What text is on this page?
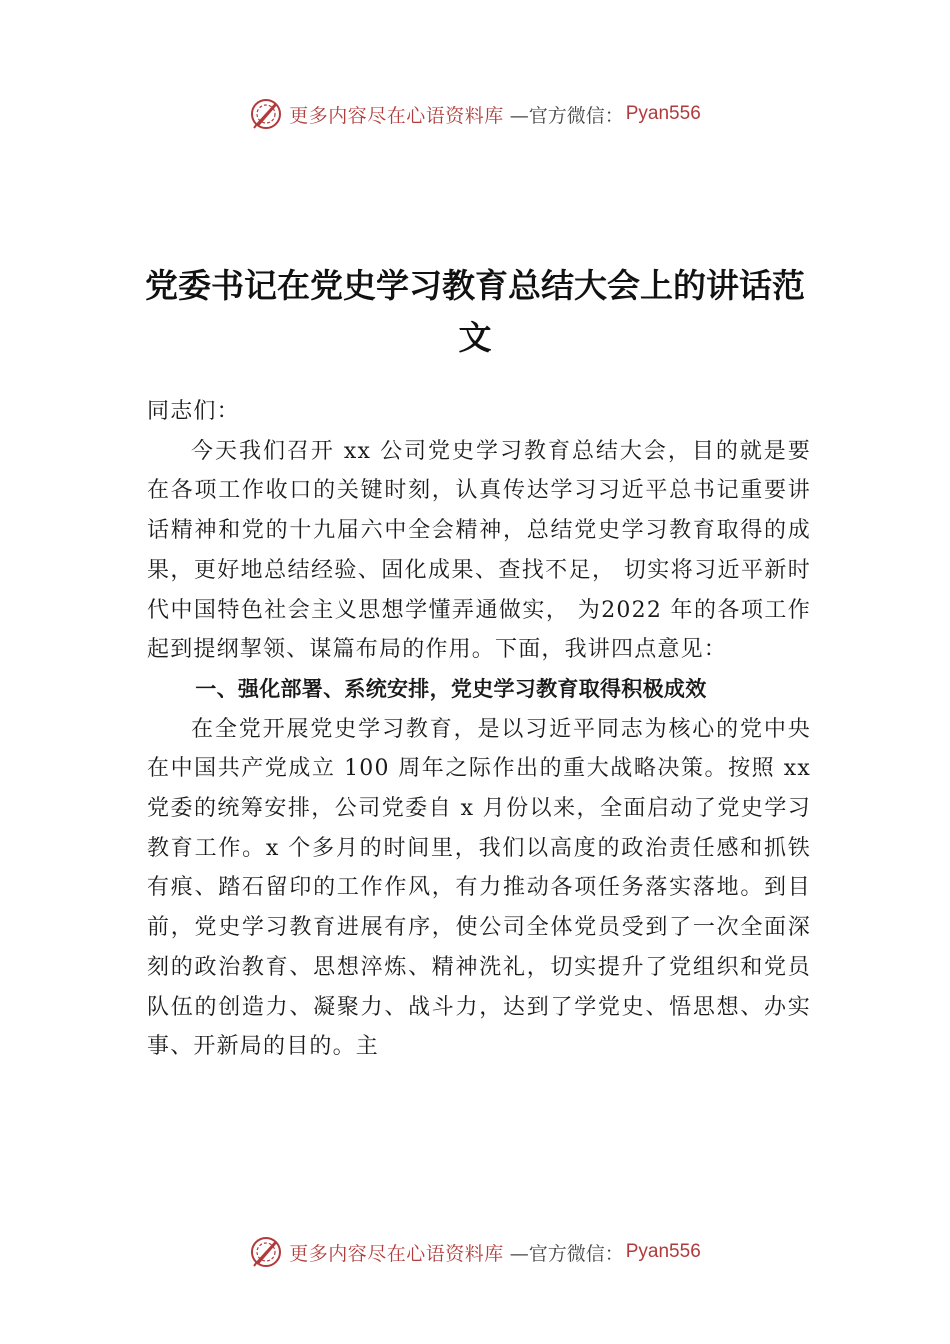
更多内容尽在心语资料库 —官方微信： Pyan556
党委书记在党史学习教育总结大会上的讲话范文

同志们：

今天我们召开 xx 公司党史学习教育总结大会，目的就是要在各项工作收口的关键时刻，认真传达学习习近平总书记重要讲话精神和党的十九届六中全会精神，总结党史学习教育取得的成果，更好地总结经验、固化成果、查找不足， 切实将习近平新时代中国特色社会主义思想学懂弄通做实， 为2022 年的各项工作起到提纲挈领、谋篇布局的作用。下面，我讲四点意见：

一、强化部署、系统安排，党史学习教育取得积极成效

在全党开展党史学习教育，是以习近平同志为核心的党中央在中国共产党成立 100 周年之际作出的重大战略决策。按照 xx 党委的统筹安排，公司党委自 x 月份以来，全面启动了党史学习教育工作。x 个多月的时间里，我们以高度的政治责任感和抓铁有痕、踏石留印的工作作风，有力推动各项任务落实落地。到目前，党史学习教育进展有序，使公司全体党员受到了一次全面深刻的政治教育、思想淬炼、精神洗礼，切实提升了党组织和党员队伍的创造力、凝聚力、战斗力，达到了学党史、悟思想、办实事、开新局的目的。主

更多内容尽在心语资料库 —官方微信： Pyan556
